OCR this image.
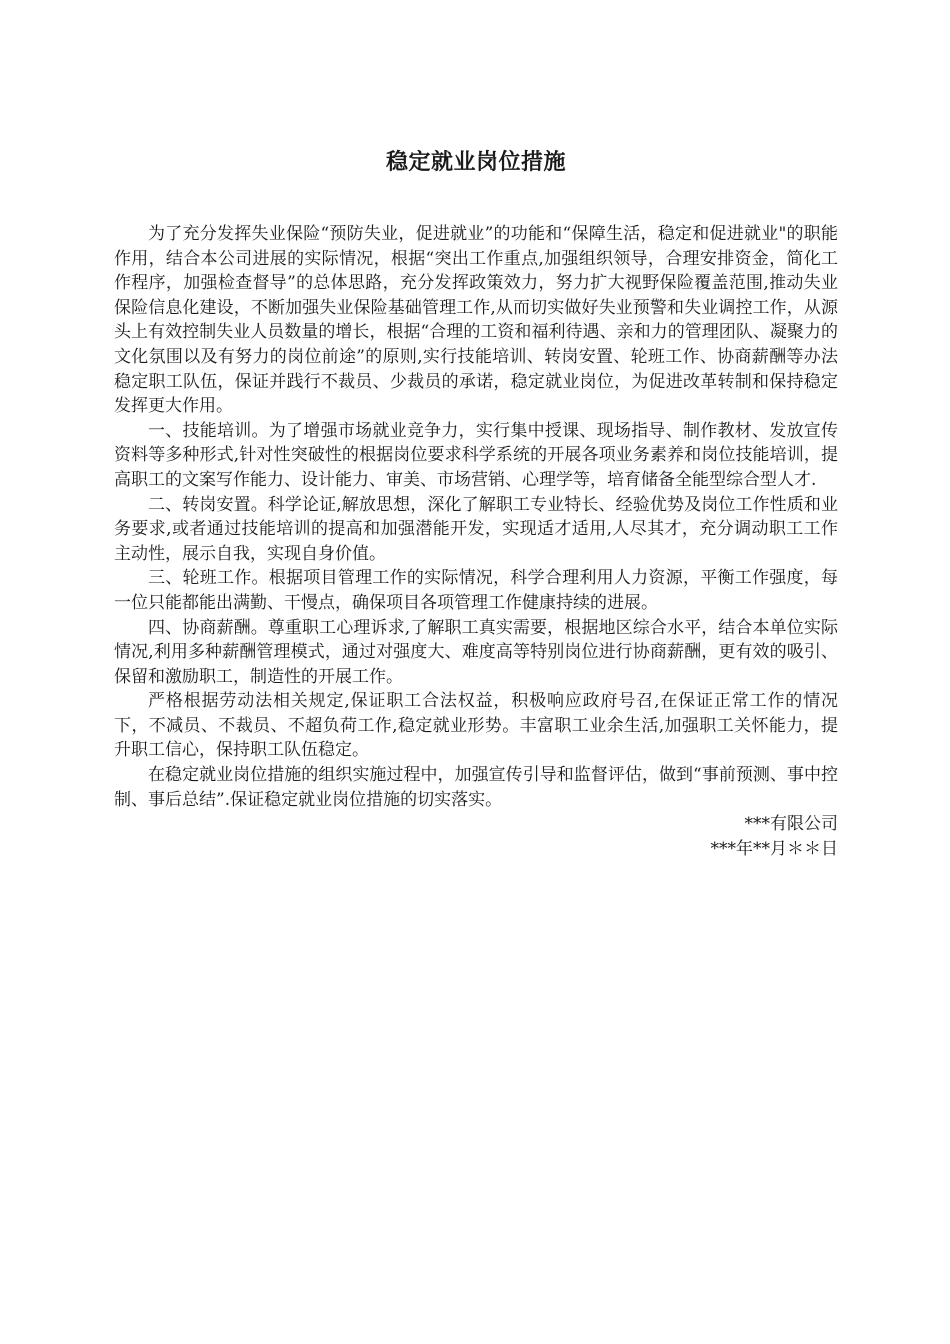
稳定就业岗位措施

为了充分发挥失业保险“预防失业，促进就业”的功能和“保障生活，稳定和促进就业"的职能作用，结合本公司进展的实际情况，根据“突出工作重点,加强组织领导，合理安排资金，简化工作程序，加强检查督导”的总体思路，充分发挥政策效力，努力扩大视野保险覆盖范围,推动失业保险信息化建设，不断加强失业保险基础管理工作,从而切实做好失业预警和失业调控工作，从源头上有效控制失业人员数量的增长，根据“合理的工资和福利待遇、亲和力的管理团队、凝聚力的文化氛围以及有努力的岗位前途”的原则,实行技能培训、转岗安置、轮班工作、协商薪酬等办法稳定职工队伍，保证并践行不裁员、少裁员的承诺，稳定就业岗位，为促进改革转制和保持稳定发挥更大作用。

一、技能培训。为了增强市场就业竞争力，实行集中授课、现场指导、制作教材、发放宣传资料等多种形式,针对性突破性的根据岗位要求科学系统的开展各项业务素养和岗位技能培训，提高职工的文案写作能力、设计能力、审美、市场营销、心理学等，培育储备全能型综合型人才.

二、转岗安置。科学论证,解放思想，深化了解职工专业特长、经验优势及岗位工作性质和业务要求,或者通过技能培训的提高和加强潜能开发，实现适才适用,人尽其才，充分调动职工工作主动性，展示自我，实现自身价值。

三、轮班工作。根据项目管理工作的实际情况，科学合理利用人力资源，平衡工作强度，每一位只能都能出满勤、干慢点，确保项目各项管理工作健康持续的进展。

四、协商薪酬。尊重职工心理诉求,了解职工真实需要，根据地区综合水平，结合本单位实际情况,利用多种薪酬管理模式，通过对强度大、难度高等特别岗位进行协商薪酬，更有效的吸引、保留和激励职工，制造性的开展工作。

严格根据劳动法相关规定,保证职工合法权益，积极响应政府号召,在保证正常工作的情况下，不减员、不裁员、不超负荷工作,稳定就业形势。丰富职工业余生活,加强职工关怀能力，提升职工信心，保持职工队伍稳定。

在稳定就业岗位措施的组织实施过程中，加强宣传引导和监督评估，做到“事前预测、事中控制、事后总结”.保证稳定就业岗位措施的切实落实。

***有限公司

***年**月＊＊日
